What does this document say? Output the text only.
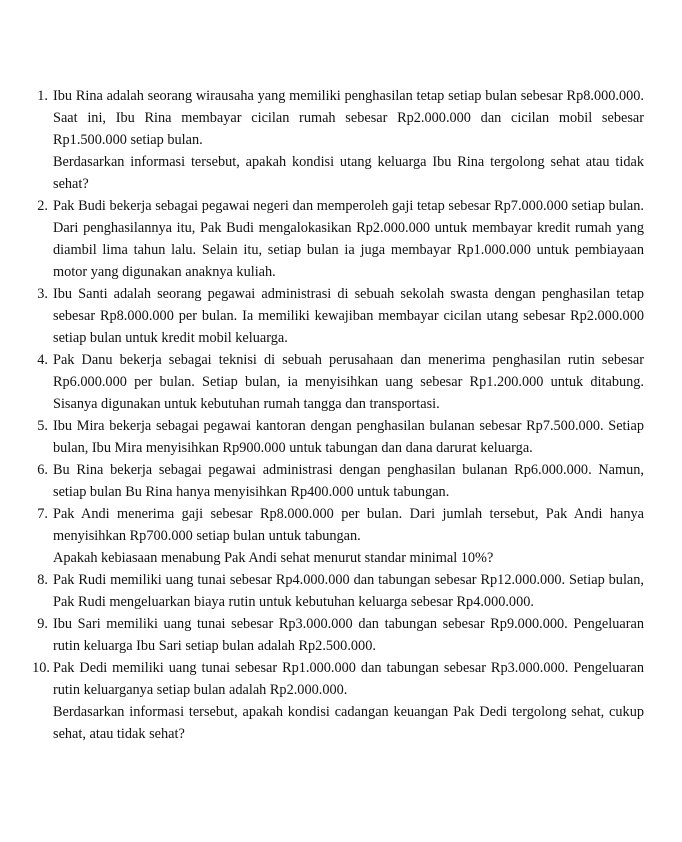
1. Ibu Rina adalah seorang wirausaha yang memiliki penghasilan tetap setiap bulan sebesar Rp8.000.000. Saat ini, Ibu Rina membayar cicilan rumah sebesar Rp2.000.000 dan cicilan mobil sebesar Rp1.500.000 setiap bulan.
Berdasarkan informasi tersebut, apakah kondisi utang keluarga Ibu Rina tergolong sehat atau tidak sehat?
2. Pak Budi bekerja sebagai pegawai negeri dan memperoleh gaji tetap sebesar Rp7.000.000 setiap bulan. Dari penghasilannya itu, Pak Budi mengalokasikan Rp2.000.000 untuk membayar kredit rumah yang diambil lima tahun lalu. Selain itu, setiap bulan ia juga membayar Rp1.000.000 untuk pembiayaan motor yang digunakan anaknya kuliah.
3. Ibu Santi adalah seorang pegawai administrasi di sebuah sekolah swasta dengan penghasilan tetap sebesar Rp8.000.000 per bulan. Ia memiliki kewajiban membayar cicilan utang sebesar Rp2.000.000 setiap bulan untuk kredit mobil keluarga.
4. Pak Danu bekerja sebagai teknisi di sebuah perusahaan dan menerima penghasilan rutin sebesar Rp6.000.000 per bulan. Setiap bulan, ia menyisihkan uang sebesar Rp1.200.000 untuk ditabung. Sisanya digunakan untuk kebutuhan rumah tangga dan transportasi.
5. Ibu Mira bekerja sebagai pegawai kantoran dengan penghasilan bulanan sebesar Rp7.500.000. Setiap bulan, Ibu Mira menyisihkan Rp900.000 untuk tabungan dan dana darurat keluarga.
6. Bu Rina bekerja sebagai pegawai administrasi dengan penghasilan bulanan Rp6.000.000. Namun, setiap bulan Bu Rina hanya menyisihkan Rp400.000 untuk tabungan.
7. Pak Andi menerima gaji sebesar Rp8.000.000 per bulan. Dari jumlah tersebut, Pak Andi hanya menyisihkan Rp700.000 setiap bulan untuk tabungan.
Apakah kebiasaan menabung Pak Andi sehat menurut standar minimal 10%?
8. Pak Rudi memiliki uang tunai sebesar Rp4.000.000 dan tabungan sebesar Rp12.000.000. Setiap bulan, Pak Rudi mengeluarkan biaya rutin untuk kebutuhan keluarga sebesar Rp4.000.000.
9. Ibu Sari memiliki uang tunai sebesar Rp3.000.000 dan tabungan sebesar Rp9.000.000. Pengeluaran rutin keluarga Ibu Sari setiap bulan adalah Rp2.500.000.
10. Pak Dedi memiliki uang tunai sebesar Rp1.000.000 dan tabungan sebesar Rp3.000.000. Pengeluaran rutin keluarganya setiap bulan adalah Rp2.000.000.
Berdasarkan informasi tersebut, apakah kondisi cadangan keuangan Pak Dedi tergolong sehat, cukup sehat, atau tidak sehat?
